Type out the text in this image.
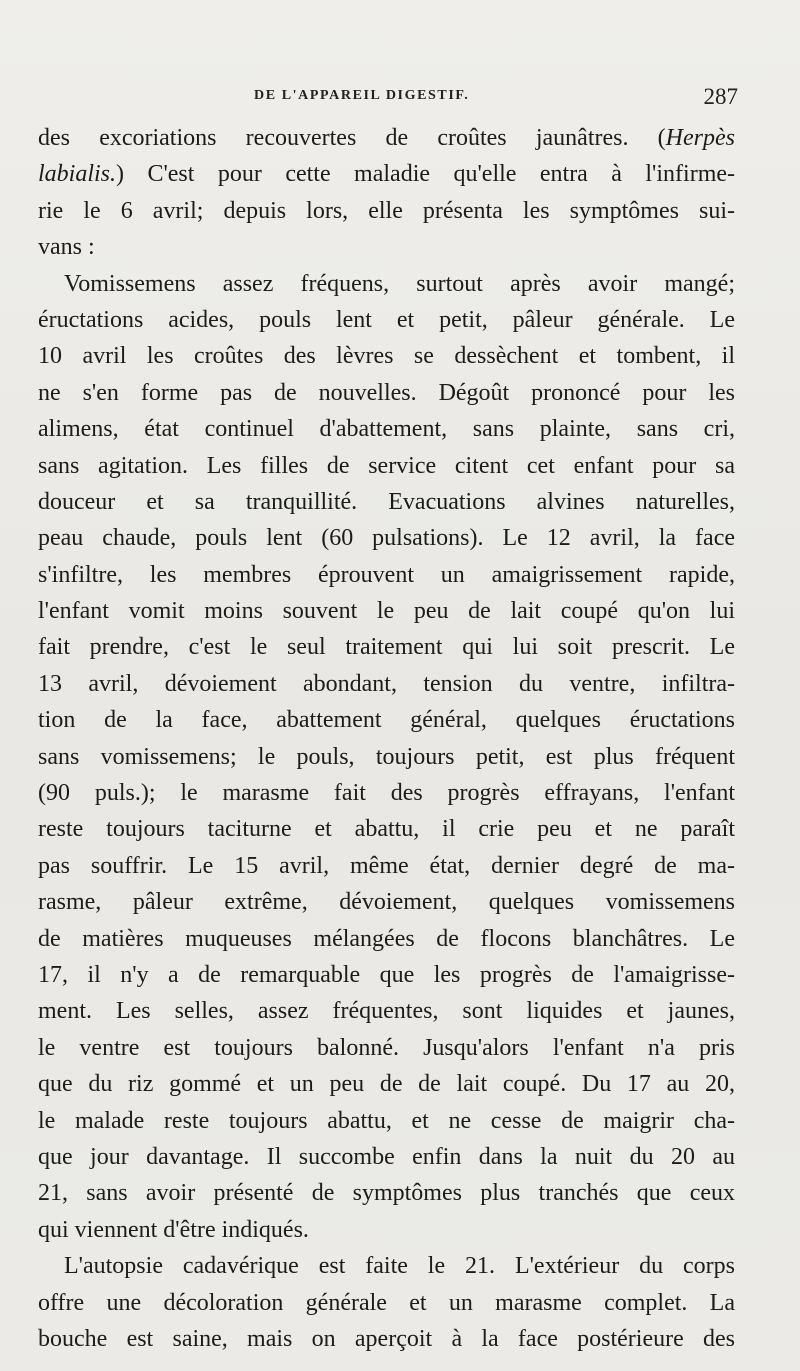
DE L'APPAREIL DIGESTIF.	287
des excoriations recouvertes de croûtes jaunâtres. (Herpès
labialis.) C'est pour cette maladie qu'elle entra à l'infirme-
rie le 6 avril; depuis lors, elle présenta les symptômes sui-
vans :
Vomissemens assez fréquens, surtout après avoir mangé;
éructations acides, pouls lent et petit, pâleur générale. Le
10 avril les croûtes des lèvres se dessèchent et tombent, il
ne s'en forme pas de nouvelles. Dégoût prononcé pour les
alimens, état continuel d'abattement, sans plainte, sans cri,
sans agitation. Les filles de service citent cet enfant pour sa
douceur et sa tranquillité. Evacuations alvines naturelles,
peau chaude, pouls lent (60 pulsations). Le 12 avril, la face
s'infiltre, les membres éprouvent un amaigrissement rapide,
l'enfant vomit moins souvent le peu de lait coupé qu'on lui
fait prendre, c'est le seul traitement qui lui soit prescrit. Le
13 avril, dévoiement abondant, tension du ventre, infiltra-
tion de la face, abattement général, quelques éructations
sans vomissemens; le pouls, toujours petit, est plus fréquent
(90 puls.); le marasme fait des progrès effrayans, l'enfant
reste toujours taciturne et abattu, il crie peu et ne paraît
pas souffrir. Le 15 avril, même état, dernier degré de ma-
rasme, pâleur extrême, dévoiement, quelques vomissemens
de matières muqueuses mélangées de flocons blanchâtres. Le
17, il n'y a de remarquable que les progrès de l'amaigrisse-
ment. Les selles, assez fréquentes, sont liquides et jaunes,
le ventre est toujours balonné. Jusqu'alors l'enfant n'a pris
que du riz gommé et un peu de de lait coupé. Du 17 au 20,
le malade reste toujours abattu, et ne cesse de maigrir cha-
que jour davantage. Il succombe enfin dans la nuit du 20 au
21, sans avoir présenté de symptômes plus tranchés que ceux
qui viennent d'être indiqués.
L'autopsie cadavérique est faite le 21. L'extérieur du corps
offre une décoloration générale et un marasme complet. La
bouche est saine, mais on aperçoit à la face postérieure des
